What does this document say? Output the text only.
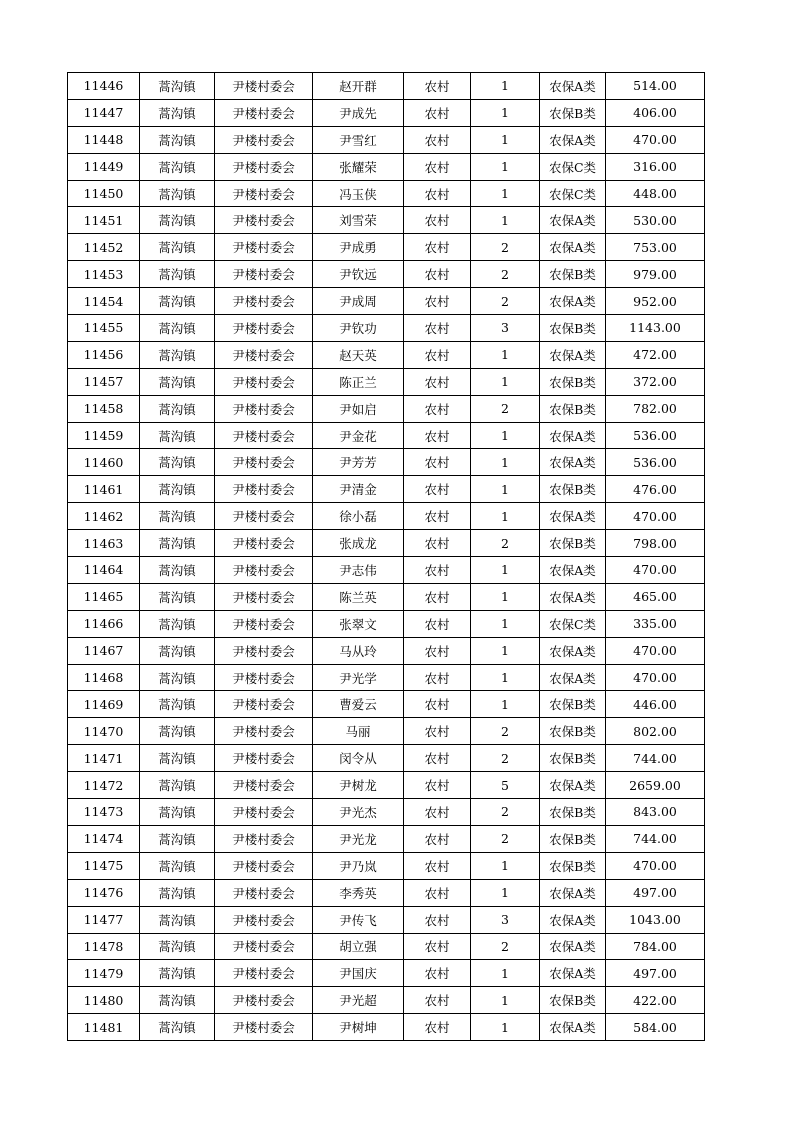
11446	蒿沟镇	尹楼村委会	赵开群	农村	1	农保A类	514.00
11447	蒿沟镇	尹楼村委会	尹成先	农村	1	农保B类	406.00
11448	蒿沟镇	尹楼村委会	尹雪红	农村	1	农保A类	470.00
11449	蒿沟镇	尹楼村委会	张耀荣	农村	1	农保C类	316.00
11450	蒿沟镇	尹楼村委会	冯玉侠	农村	1	农保C类	448.00
11451	蒿沟镇	尹楼村委会	刘雪荣	农村	1	农保A类	530.00
11452	蒿沟镇	尹楼村委会	尹成勇	农村	2	农保A类	753.00
11453	蒿沟镇	尹楼村委会	尹钦远	农村	2	农保B类	979.00
11454	蒿沟镇	尹楼村委会	尹成周	农村	2	农保A类	952.00
11455	蒿沟镇	尹楼村委会	尹钦功	农村	3	农保B类	1143.00
11456	蒿沟镇	尹楼村委会	赵天英	农村	1	农保A类	472.00
11457	蒿沟镇	尹楼村委会	陈正兰	农村	1	农保B类	372.00
11458	蒿沟镇	尹楼村委会	尹如启	农村	2	农保B类	782.00
11459	蒿沟镇	尹楼村委会	尹金花	农村	1	农保A类	536.00
11460	蒿沟镇	尹楼村委会	尹芳芳	农村	1	农保A类	536.00
11461	蒿沟镇	尹楼村委会	尹清金	农村	1	农保B类	476.00
11462	蒿沟镇	尹楼村委会	徐小磊	农村	1	农保A类	470.00
11463	蒿沟镇	尹楼村委会	张成龙	农村	2	农保B类	798.00
11464	蒿沟镇	尹楼村委会	尹志伟	农村	1	农保A类	470.00
11465	蒿沟镇	尹楼村委会	陈兰英	农村	1	农保A类	465.00
11466	蒿沟镇	尹楼村委会	张翠文	农村	1	农保C类	335.00
11467	蒿沟镇	尹楼村委会	马从玲	农村	1	农保A类	470.00
11468	蒿沟镇	尹楼村委会	尹光学	农村	1	农保A类	470.00
11469	蒿沟镇	尹楼村委会	曹爱云	农村	1	农保B类	446.00
11470	蒿沟镇	尹楼村委会	马丽	农村	2	农保B类	802.00
11471	蒿沟镇	尹楼村委会	闵令从	农村	2	农保B类	744.00
11472	蒿沟镇	尹楼村委会	尹树龙	农村	5	农保A类	2659.00
11473	蒿沟镇	尹楼村委会	尹光杰	农村	2	农保B类	843.00
11474	蒿沟镇	尹楼村委会	尹光龙	农村	2	农保B类	744.00
11475	蒿沟镇	尹楼村委会	尹乃岚	农村	1	农保B类	470.00
11476	蒿沟镇	尹楼村委会	李秀英	农村	1	农保A类	497.00
11477	蒿沟镇	尹楼村委会	尹传飞	农村	3	农保A类	1043.00
11478	蒿沟镇	尹楼村委会	胡立强	农村	2	农保A类	784.00
11479	蒿沟镇	尹楼村委会	尹国庆	农村	1	农保A类	497.00
11480	蒿沟镇	尹楼村委会	尹光超	农村	1	农保B类	422.00
11481	蒿沟镇	尹楼村委会	尹树坤	农村	1	农保A类	584.00
